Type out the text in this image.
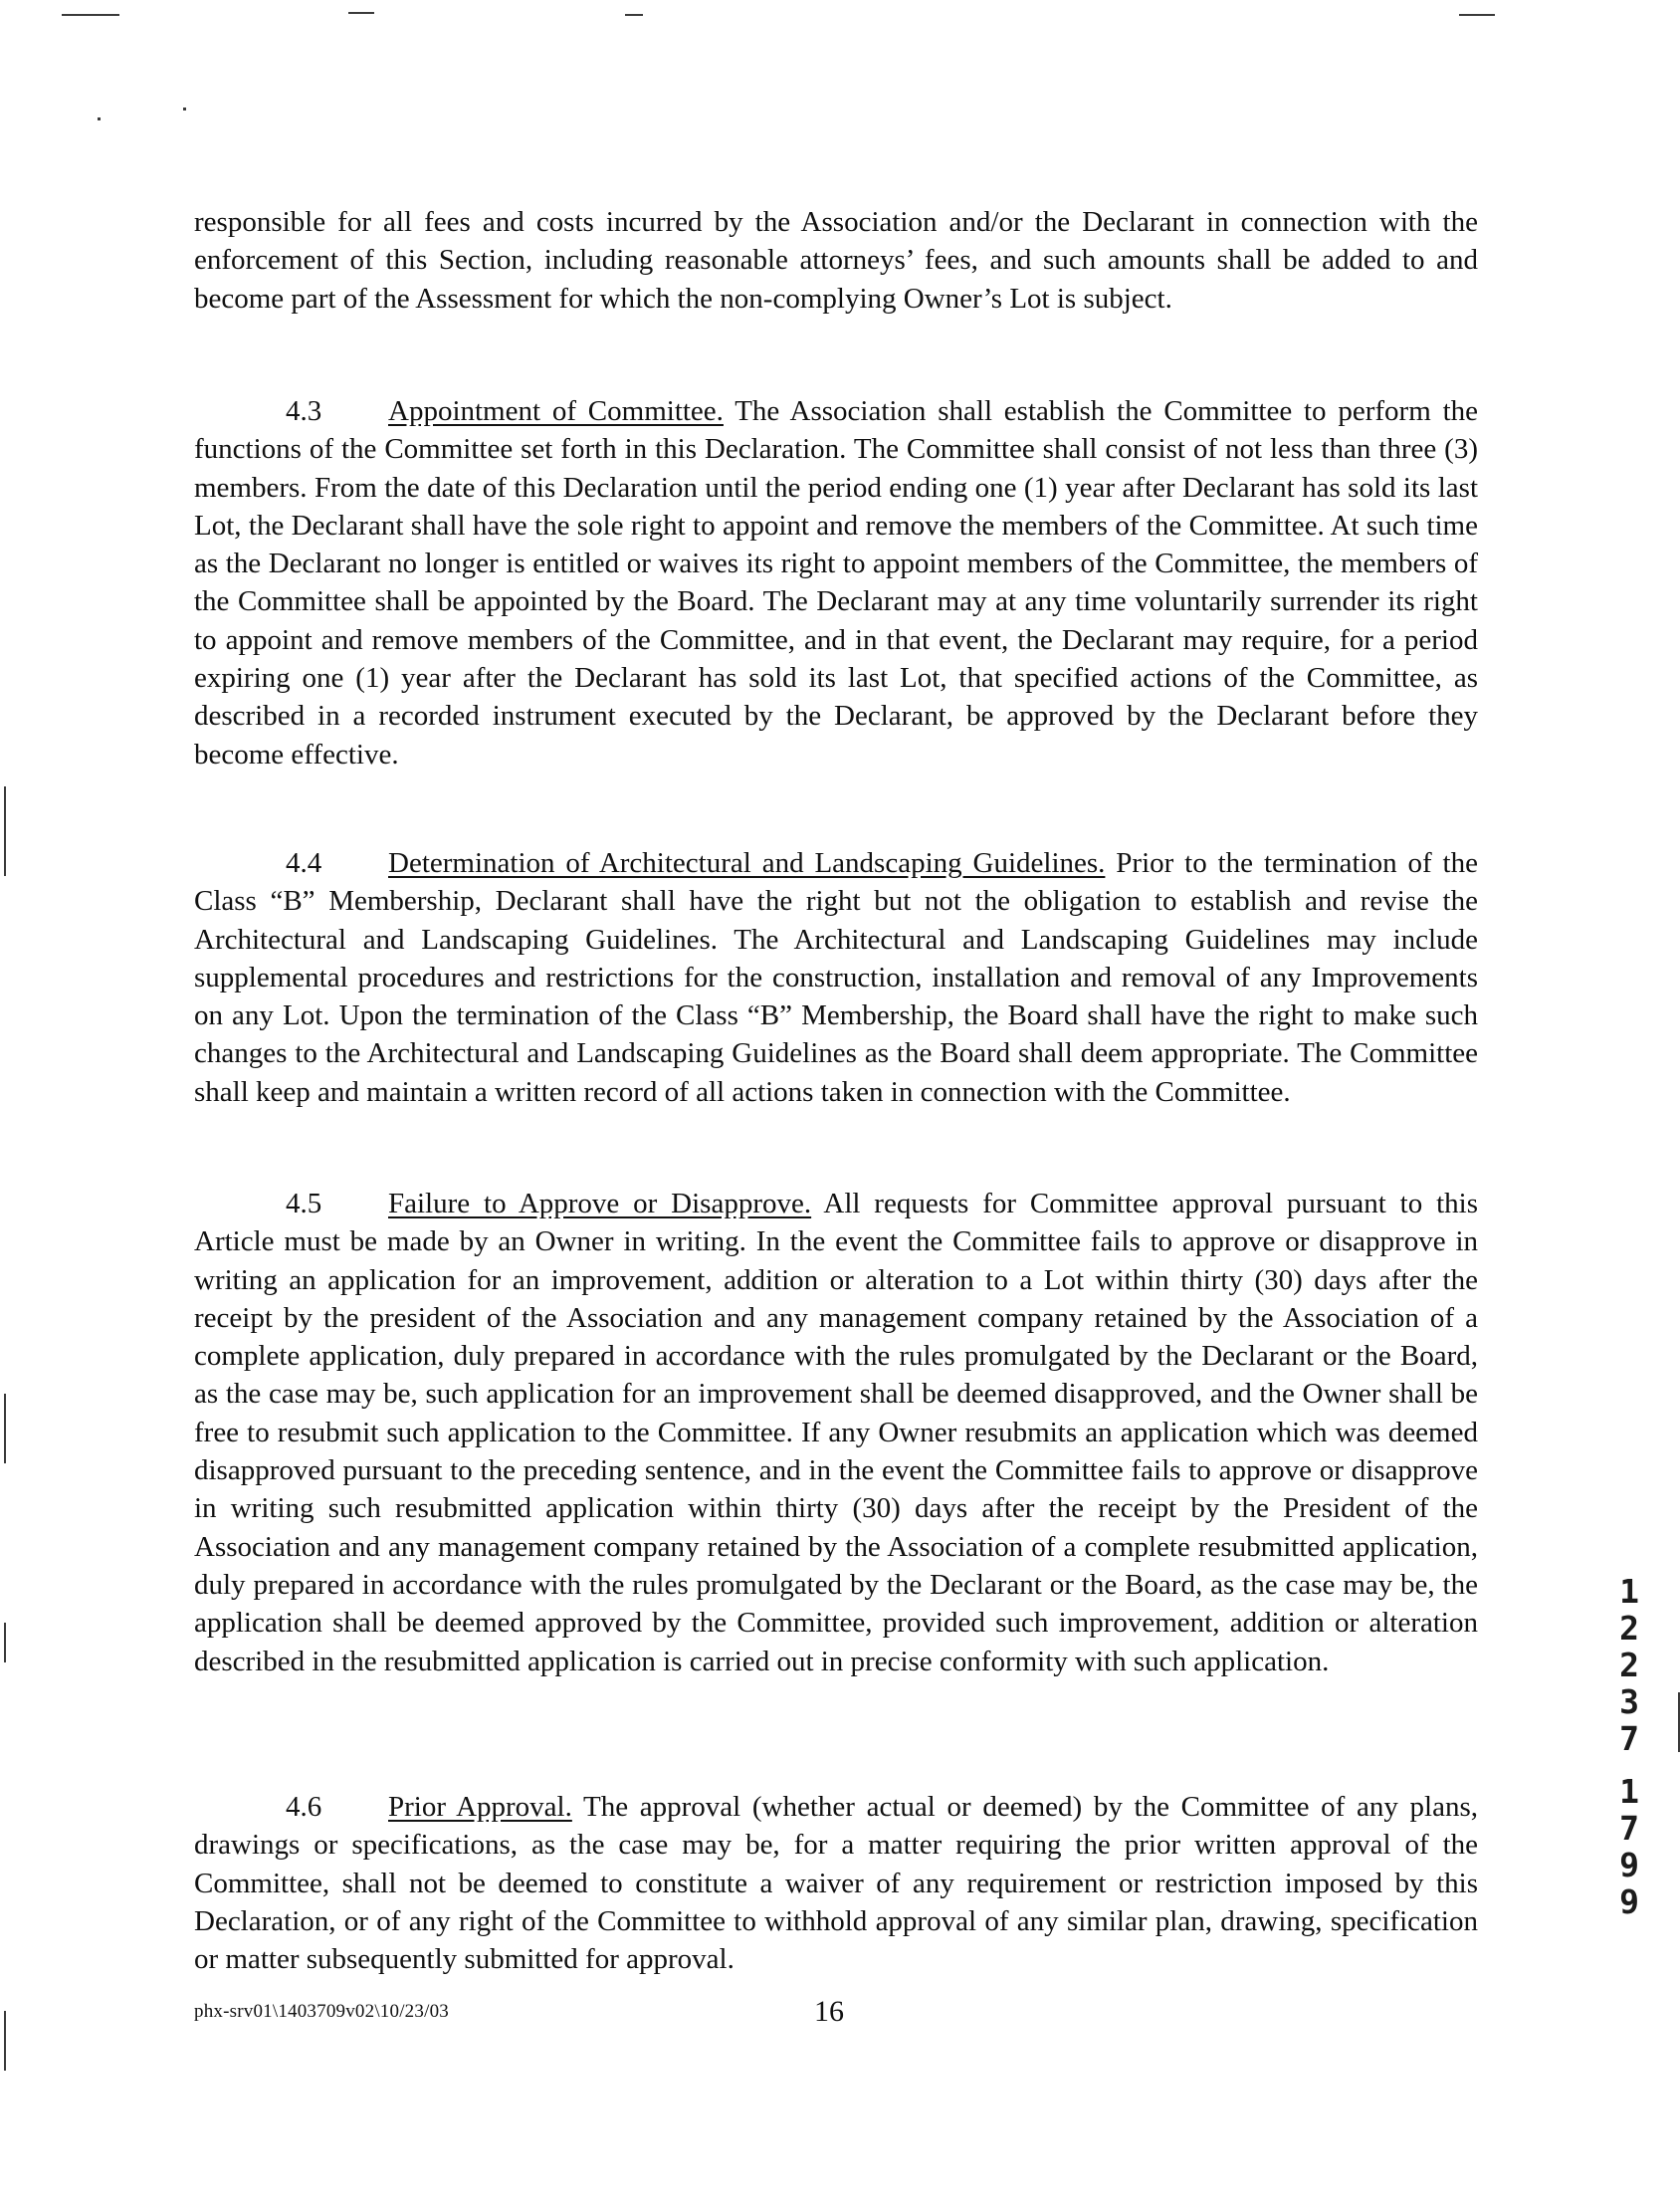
responsible for all fees and costs incurred by the Association and/or the Declarant in connection with the enforcement of this Section, including reasonable attorneys’ fees, and such amounts shall be added to and become part of the Assessment for which the non-complying Owner’s Lot is subject.

4.3 Appointment of Committee. The Association shall establish the Committee to perform the functions of the Committee set forth in this Declaration. The Committee shall consist of not less than three (3) members. From the date of this Declaration until the period ending one (1) year after Declarant has sold its last Lot, the Declarant shall have the sole right to appoint and remove the members of the Committee. At such time as the Declarant no longer is entitled or waives its right to appoint members of the Committee, the members of the Committee shall be appointed by the Board. The Declarant may at any time voluntarily surrender its right to appoint and remove members of the Committee, and in that event, the Declarant may require, for a period expiring one (1) year after the Declarant has sold its last Lot, that specified actions of the Committee, as described in a recorded instrument executed by the Declarant, be approved by the Declarant before they become effective.

4.4 Determination of Architectural and Landscaping Guidelines. Prior to the termination of the Class “B” Membership, Declarant shall have the right but not the obligation to establish and revise the Architectural and Landscaping Guidelines. The Architectural and Landscaping Guidelines may include supplemental procedures and restrictions for the construction, installation and removal of any Improvements on any Lot. Upon the termination of the Class “B” Membership, the Board shall have the right to make such changes to the Architectural and Landscaping Guidelines as the Board shall deem appropriate. The Committee shall keep and maintain a written record of all actions taken in connection with the Committee.

4.5 Failure to Approve or Disapprove. All requests for Committee approval pursuant to this Article must be made by an Owner in writing. In the event the Committee fails to approve or disapprove in writing an application for an improvement, addition or alteration to a Lot within thirty (30) days after the receipt by the president of the Association and any management company retained by the Association of a complete application, duly prepared in accordance with the rules promulgated by the Declarant or the Board, as the case may be, such application for an improvement shall be deemed disapproved, and the Owner shall be free to resubmit such application to the Committee. If any Owner resubmits an application which was deemed disapproved pursuant to the preceding sentence, and in the event the Committee fails to approve or disapprove in writing such resubmitted application within thirty (30) days after the receipt by the President of the Association and any management company retained by the Association of a complete resubmitted application, duly prepared in accordance with the rules promulgated by the Declarant or the Board, as the case may be, the application shall be deemed approved by the Committee, provided such improvement, addition or alteration described in the resubmitted application is carried out in precise conformity with such application.

4.6 Prior Approval. The approval (whether actual or deemed) by the Committee of any plans, drawings or specifications, as the case may be, for a matter requiring the prior written approval of the Committee, shall not be deemed to constitute a waiver of any requirement or restriction imposed by this Declaration, or of any right of the Committee to withhold approval of any similar plan, drawing, specification or matter subsequently submitted for approval.

1
2
2
3
7
1
7
9
9
phx-srv01\1403709v02\10/23/03	16
